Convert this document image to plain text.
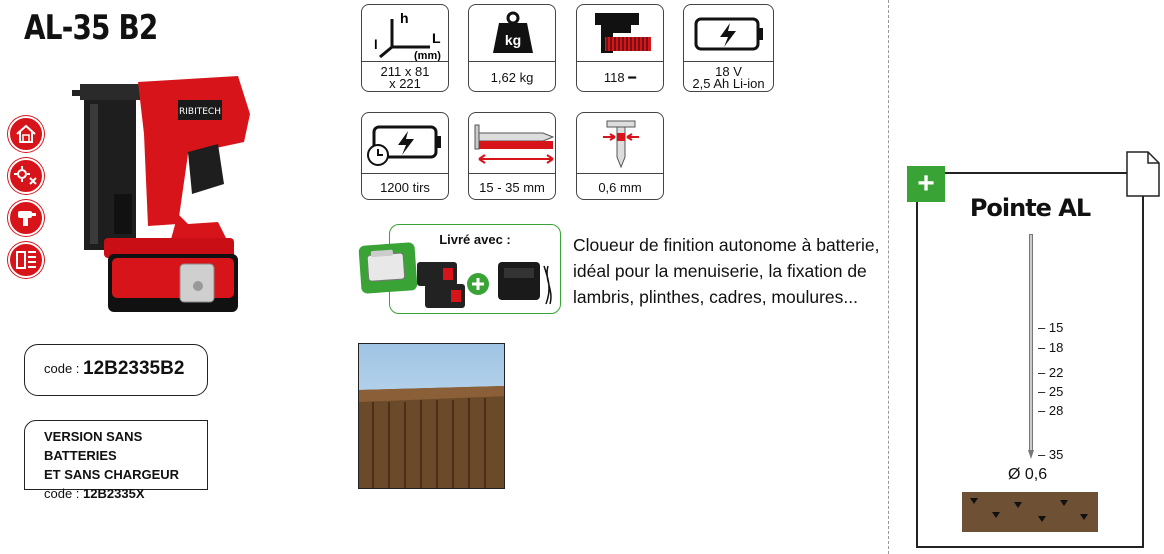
AL-35 B2
RIBITECH
code : 12B2335B2
VERSION SANS BATTERIES
ET SANS CHARGEUR
code : 12B2335X
h
L
l
(mm)
211 x 81
x 221
kg
1,62 kg	118 ━	18 V
2,5 Ah Li-ion
1200 tirs	15 - 35 mm	0,6 mm
Livré avec :	Cloueur de finition autonome à batterie,
idéal pour la menuiserie, la fixation de
lambris, plinthes, cadres, moulures...
Pointe AL
– 15
– 18
– 22
– 25
– 28
– 35
Ø 0,6
+
